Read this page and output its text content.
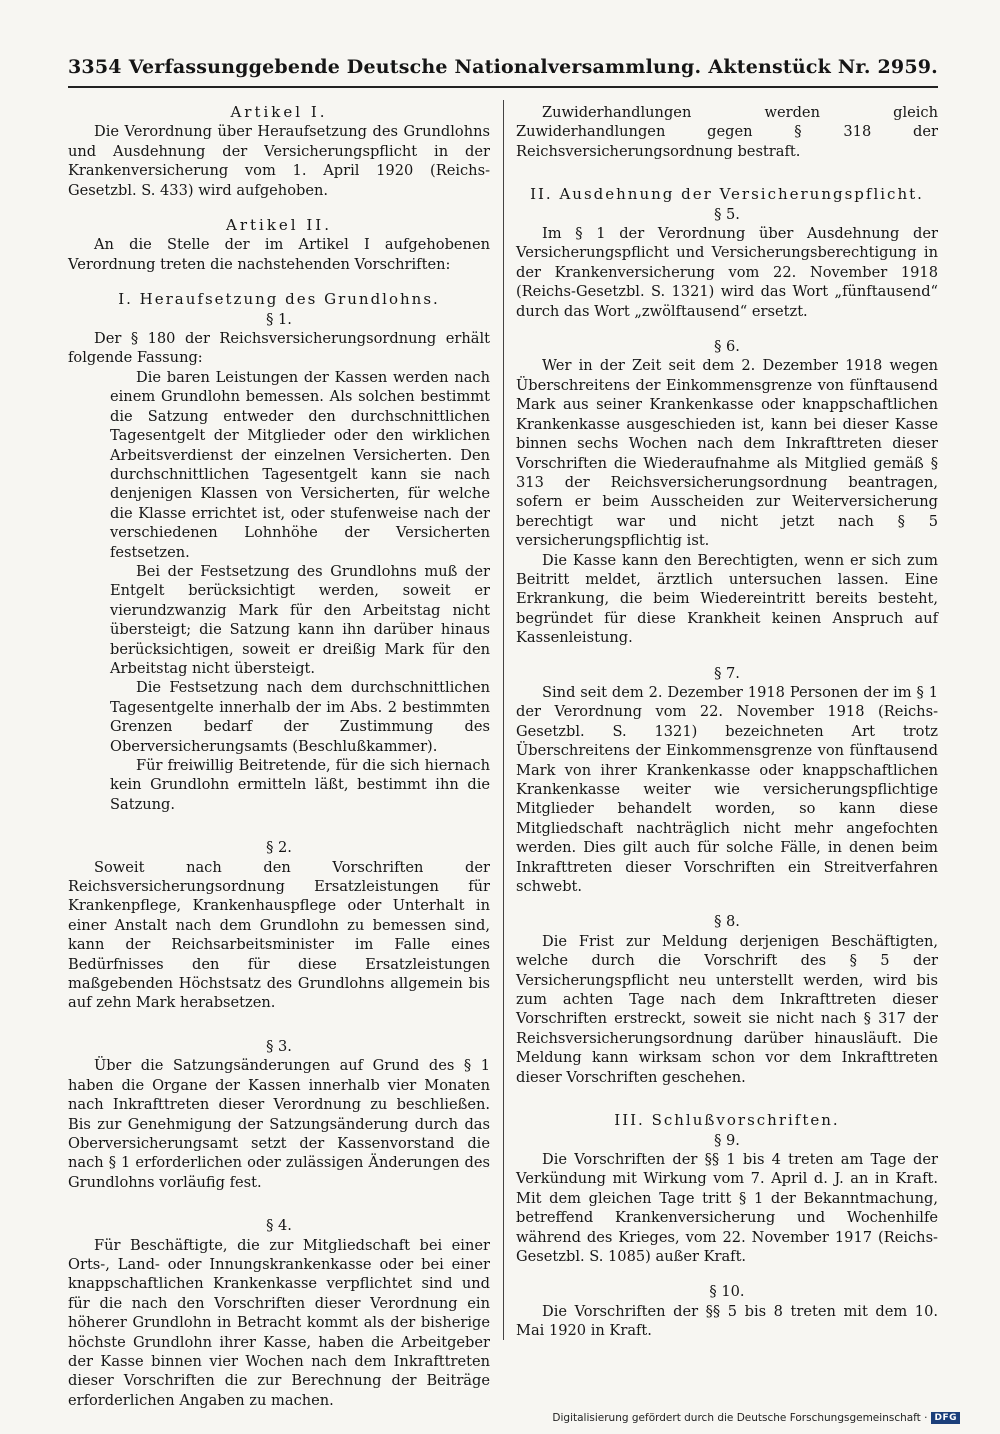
3354 Verfassunggebende Deutsche Nationalversammlung. Aktenstück Nr. 2959.
Artikel I.

Die Verordnung über Heraufsetzung des Grundlohns und Ausdehnung der Versicherungspflicht in der Krankenversicherung vom 1. April 1920 (Reichs-Gesetzbl. S. 433) wird aufgehoben.

Artikel II.

An die Stelle der im Artikel I aufgehobenen Verordnung treten die nachstehenden Vorschriften:

I. Heraufsetzung des Grundlohns.
§ 1.

Der § 180 der Reichsversicherungsordnung erhält folgende Fassung:

Die baren Leistungen der Kassen werden nach einem Grundlohn bemessen. Als solchen bestimmt die Satzung entweder den durchschnittlichen Tagesentgelt der Mitglieder oder den wirklichen Arbeitsverdienst der einzelnen Versicherten. Den durchschnittlichen Tagesentgelt kann sie nach denjenigen Klassen von Versicherten, für welche die Klasse errichtet ist, oder stufenweise nach der verschiedenen Lohnhöhe der Versicherten festsetzen.

Bei der Festsetzung des Grundlohns muß der Entgelt berücksichtigt werden, soweit er vierundzwanzig Mark für den Arbeitstag nicht übersteigt; die Satzung kann ihn darüber hinaus berücksichtigen, soweit er dreißig Mark für den Arbeitstag nicht übersteigt.

Die Festsetzung nach dem durchschnittlichen Tagesentgelte innerhalb der im Abs. 2 bestimmten Grenzen bedarf der Zustimmung des Oberversicherungsamts (Beschlußkammer).

Für freiwillig Beitretende, für die sich hiernach kein Grundlohn ermitteln läßt, bestimmt ihn die Satzung.

§ 2.

Soweit nach den Vorschriften der Reichsversicherungsordnung Ersatzleistungen für Krankenpflege, Krankenhauspflege oder Unterhalt in einer Anstalt nach dem Grundlohn zu bemessen sind, kann der Reichsarbeitsminister im Falle eines Bedürfnisses den für diese Ersatzleistungen maßgebenden Höchstsatz des Grundlohns allgemein bis auf zehn Mark herabsetzen.

§ 3.

Über die Satzungsänderungen auf Grund des § 1 haben die Organe der Kassen innerhalb vier Monaten nach Inkrafttreten dieser Verordnung zu beschließen. Bis zur Genehmigung der Satzungsänderung durch das Oberversicherungsamt setzt der Kassenvorstand die nach § 1 erforderlichen oder zulässigen Änderungen des Grundlohns vorläufig fest.

§ 4.

Für Beschäftigte, die zur Mitgliedschaft bei einer Orts-, Land- oder Innungskrankenkasse oder bei einer knappschaftlichen Krankenkasse verpflichtet sind und für die nach den Vorschriften dieser Verordnung ein höherer Grundlohn in Betracht kommt als der bisherige höchste Grundlohn ihrer Kasse, haben die Arbeitgeber der Kasse binnen vier Wochen nach dem Inkrafttreten dieser Vorschriften die zur Berechnung der Beiträge erforderlichen Angaben zu machen.

Zuwiderhandlungen werden gleich Zuwiderhandlungen gegen § 318 der Reichsversicherungsordnung bestraft.

II. Ausdehnung der Versicherungspflicht.
§ 5.

Im § 1 der Verordnung über Ausdehnung der Versicherungspflicht und Versicherungsberechtigung in der Krankenversicherung vom 22. November 1918 (Reichs-Gesetzbl. S. 1321) wird das Wort „fünftausend“ durch das Wort „zwölftausend“ ersetzt.

§ 6.

Wer in der Zeit seit dem 2. Dezember 1918 wegen Überschreitens der Einkommensgrenze von fünftausend Mark aus seiner Krankenkasse oder knappschaftlichen Krankenkasse ausgeschieden ist, kann bei dieser Kasse binnen sechs Wochen nach dem Inkrafttreten dieser Vorschriften die Wiederaufnahme als Mitglied gemäß § 313 der Reichsversicherungsordnung beantragen, sofern er beim Ausscheiden zur Weiterversicherung berechtigt war und nicht jetzt nach § 5 versicherungspflichtig ist.

Die Kasse kann den Berechtigten, wenn er sich zum Beitritt meldet, ärztlich untersuchen lassen. Eine Erkrankung, die beim Wiedereintritt bereits besteht, begründet für diese Krankheit keinen Anspruch auf Kassenleistung.

§ 7.

Sind seit dem 2. Dezember 1918 Personen der im § 1 der Verordnung vom 22. November 1918 (Reichs-Gesetzbl. S. 1321) bezeichneten Art trotz Überschreitens der Einkommensgrenze von fünftausend Mark von ihrer Krankenkasse oder knappschaftlichen Krankenkasse weiter wie versicherungspflichtige Mitglieder behandelt worden, so kann diese Mitgliedschaft nachträglich nicht mehr angefochten werden. Dies gilt auch für solche Fälle, in denen beim Inkrafttreten dieser Vorschriften ein Streitverfahren schwebt.

§ 8.

Die Frist zur Meldung derjenigen Beschäftigten, welche durch die Vorschrift des § 5 der Versicherungspflicht neu unterstellt werden, wird bis zum achten Tage nach dem Inkrafttreten dieser Vorschriften erstreckt, soweit sie nicht nach § 317 der Reichsversicherungsordnung darüber hinausläuft. Die Meldung kann wirksam schon vor dem Inkrafttreten dieser Vorschriften geschehen.

III. Schlußvorschriften.
§ 9.

Die Vorschriften der §§ 1 bis 4 treten am Tage der Verkündung mit Wirkung vom 7. April d. J. an in Kraft. Mit dem gleichen Tage tritt § 1 der Bekanntmachung, betreffend Krankenversicherung und Wochenhilfe während des Krieges, vom 22. November 1917 (Reichs-Gesetzbl. S. 1085) außer Kraft.

§ 10.

Die Vorschriften der §§ 5 bis 8 treten mit dem 10. Mai 1920 in Kraft.

Digitalisierung gefördert durch die Deutsche Forschungsgemeinschaft · DFG
